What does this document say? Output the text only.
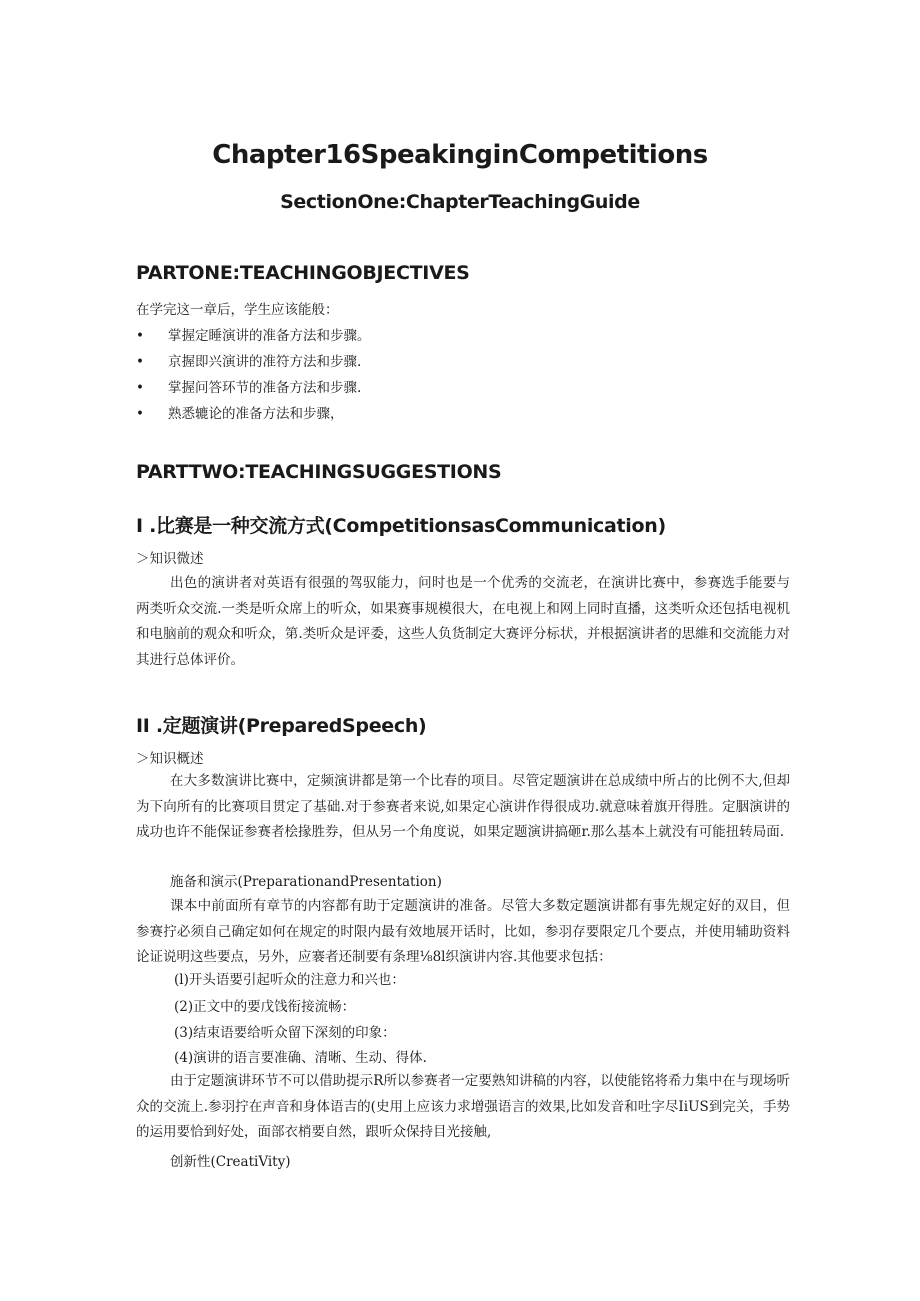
Chapter16SpeakinginCompetitions
SectionOne:ChapterTeachingGuide
PARTONE:TEACHINGOBJECTIVES

在学完这一章后，学生应该能般：

• 掌握定睡演讲的准备方法和步骤。
• 京握即兴演讲的准符方法和步骤.
• 掌握问答环节的准备方法和步骤.
• 熟悉辘论的准备方法和步骤，
PARTTWO:TEACHINGSUGGESTIONS
I .比赛是一种交流方式(CompetitionsasCommunication)

＞知识微述

出色的演讲者对英语有很强的驾驭能力，问时也是一个优秀的交流老，在演讲比赛中，参赛选手能要与两类听众交流.一类是听众席上的听众，如果赛事规模很大，在电视上和网上同时直播，这类听众还包括电视机和电脑前的观众和听众，第.类听众是评委，这些人负货制定大赛评分标状，并根据演讲者的思維和交流能力对其进行总体评价。

II .定题演讲(PreparedSpeech)

＞知识概述

在大多数演讲比赛中，定频演讲都是第一个比春的项目。尽管定题演讲在总成绩中所占的比例不大,但却为下向所有的比赛项目贯定了基础.对于参赛者来说,如果定心演讲作得很成功.就意味着旗开得胜。定胭演讲的成功也许不能保证参赛者桧掾胜券，但从另一个角度说，如果定题演讲搞砸r.那么基本上就没有可能扭转局面.

施备和演示(PreparationandPresentation)

课本中前面所有章节的内容都有助于定题演讲的准备。尽管大多数定题演讲都有事先规定好的双目，但参赛拧必须自己确定如何在规定的时限内最有效地展开话时，比如，参羽存要限定几个要点，并使用辅助资料论证说明这些要点，另外，应褰者还制要有条理⅛8l织演讲内容.其他要求包括：

(l)开头语要引起听众的注意力和兴也：

(2)正文中的要戊饯衔接流畅：

(3)结束语要给听众留下深刻的印象：

(4)演讲的语言要准确、清晰、生动、得体.

由于定题演讲环节不可以借助提示R所以参赛者一定要熟知讲稿的内容，以使能铭将希力集中在与现场听众的交流上.参羽拧在声音和身体语吉的(史用上应该力求增强语言的效果,比如发音和吐字尽IiUS到完关，手势的运用要恰到好处，面部衣梢要自然，跟听众保持目光接触,

创新性(CreatiVity)
